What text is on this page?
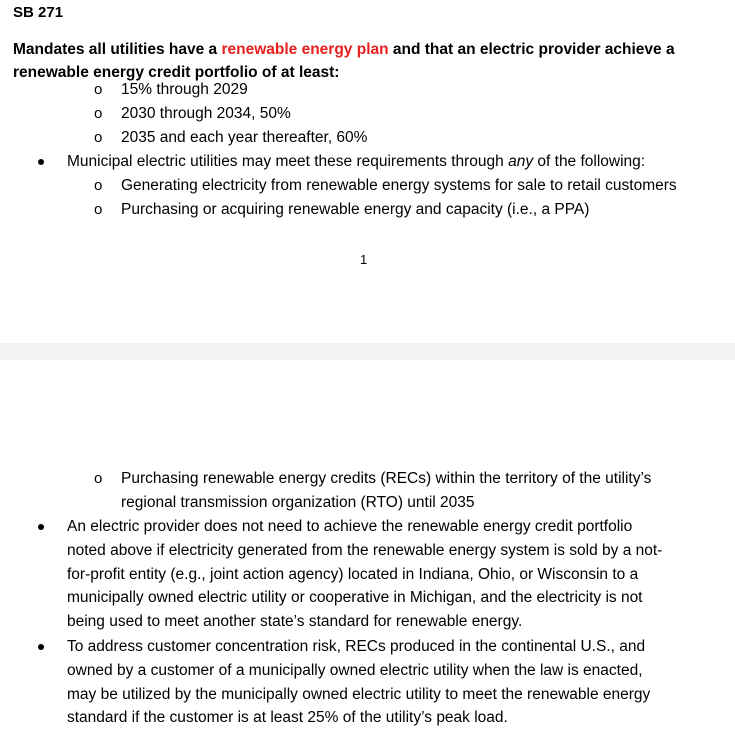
SB 271
Mandates all utilities have a renewable energy plan and that an electric provider achieve a renewable energy credit portfolio of at least:
o 15% through 2029
o 2030 through 2034, 50%
o 2035 and each year thereafter, 60%
Municipal electric utilities may meet these requirements through any of the following:
o Generating electricity from renewable energy systems for sale to retail customers
o Purchasing or acquiring renewable energy and capacity (i.e., a PPA)
1
o Purchasing renewable energy credits (RECs) within the territory of the utility’s
regional transmission organization (RTO) until 2035
An electric provider does not need to achieve the renewable energy credit portfolio
noted above if electricity generated from the renewable energy system is sold by a not-
for-profit entity (e.g., joint action agency) located in Indiana, Ohio, or Wisconsin to a
municipally owned electric utility or cooperative in Michigan, and the electricity is not
being used to meet another state’s standard for renewable energy.
To address customer concentration risk, RECs produced in the continental U.S., and
owned by a customer of a municipally owned electric utility when the law is enacted,
may be utilized by the municipally owned electric utility to meet the renewable energy
standard if the customer is at least 25% of the utility’s peak load.
